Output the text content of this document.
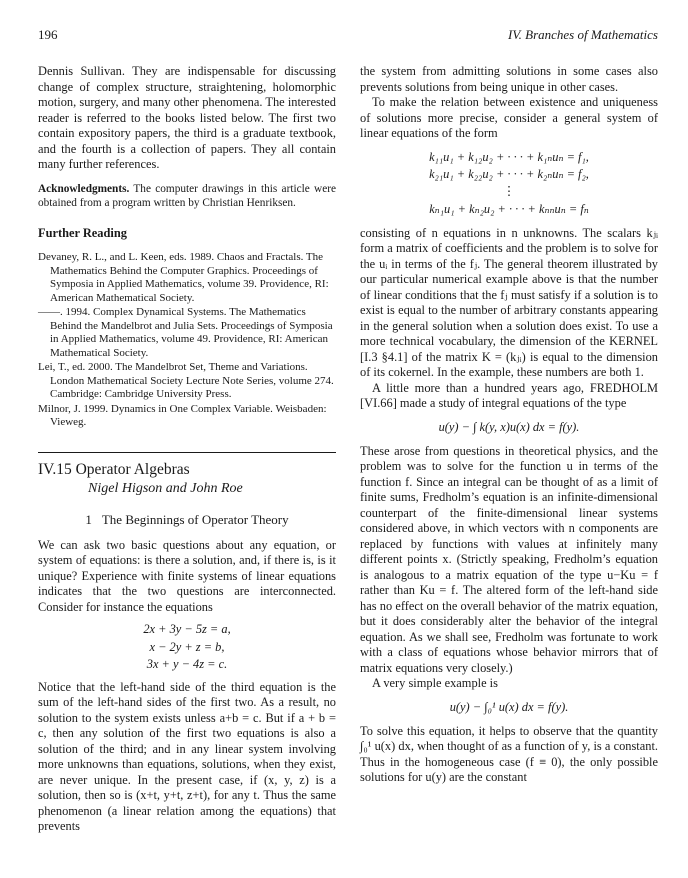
196	IV. Branches of Mathematics

Dennis Sullivan. They are indispensable for discussing change of complex structure, straightening, holomorphic motion, surgery, and many other phenomena. The interested reader is referred to the books listed below. The first two contain expository papers, the third is a graduate textbook, and the fourth is a collection of papers. They all contain many further references.

Acknowledgments. The computer drawings in this article were obtained from a program written by Christian Henriksen.

Further Reading

Devaney, R. L., and L. Keen, eds. 1989. Chaos and Fractals. The Mathematics Behind the Computer Graphics. Proceedings of Symposia in Applied Mathematics, volume 39. Providence, RI: American Mathematical Society.

——. 1994. Complex Dynamical Systems. The Mathematics Behind the Mandelbrot and Julia Sets. Proceedings of Symposia in Applied Mathematics, volume 49. Providence, RI: American Mathematical Society.

Lei, T., ed. 2000. The Mandelbrot Set, Theme and Variations. London Mathematical Society Lecture Note Series, volume 274. Cambridge: Cambridge University Press.

Milnor, J. 1999. Dynamics in One Complex Variable. Weisbaden: Vieweg.

IV.15 Operator Algebras
Nigel Higson and John Roe
1 The Beginnings of Operator Theory

We can ask two basic questions about any equation, or system of equations: is there a solution, and, if there is, is it unique? Experience with finite systems of linear equations indicates that the two questions are interconnected. Consider for instance the equations

2x + 3y − 5z = a,
x − 2y + z = b,
3x + y − 4z = c.

Notice that the left-hand side of the third equation is the sum of the left-hand sides of the first two. As a result, no solution to the system exists unless a+b = c. But if a + b = c, then any solution of the first two equations is also a solution of the third; and in any linear system involving more unknowns than equations, solutions, when they exist, are never unique. In the present case, if (x, y, z) is a solution, then so is (x+t, y+t, z+t), for any t. Thus the same phenomenon (a linear relation among the equations) that prevents

the system from admitting solutions in some cases also prevents solutions from being unique in other cases.

To make the relation between existence and uniqueness of solutions more precise, consider a general system of linear equations of the form

k₁₁u₁ + k₁₂u₂ + · · · + k₁ₙuₙ = f₁,
k₂₁u₁ + k₂₂u₂ + · · · + k₂ₙuₙ = f₂,
⋮
kₙ₁u₁ + kₙ₂u₂ + · · · + kₙₙuₙ = fₙ

consisting of n equations in n unknowns. The scalars kⱼᵢ form a matrix of coefficients and the problem is to solve for the uᵢ in terms of the fⱼ. The general theorem illustrated by our particular numerical example above is that the number of linear conditions that the fⱼ must satisfy if a solution is to exist is equal to the number of arbitrary constants appearing in the general solution when a solution does exist. To use a more technical vocabulary, the dimension of the KERNEL [I.3 §4.1] of the matrix K = (kⱼᵢ) is equal to the dimension of its cokernel. In the example, these numbers are both 1.

A little more than a hundred years ago, FREDHOLM [VI.66] made a study of integral equations of the type

u(y) − ∫ k(y, x)u(x) dx = f(y).

These arose from questions in theoretical physics, and the problem was to solve for the function u in terms of the function f. Since an integral can be thought of as a limit of finite sums, Fredholm’s equation is an infinite-dimensional counterpart of the finite-dimensional linear systems considered above, in which vectors with n components are replaced by functions with values at infinitely many different points x. (Strictly speaking, Fredholm’s equation is analogous to a matrix equation of the type u−Ku = f rather than Ku = f. The altered form of the left-hand side has no effect on the overall behavior of the matrix equation, but it does considerably alter the behavior of the integral equation. As we shall see, Fredholm was fortunate to work with a class of equations whose behavior mirrors that of matrix equations very closely.)

A very simple example is

u(y) − ∫₀¹ u(x) dx = f(y).

To solve this equation, it helps to observe that the quantity ∫₀¹ u(x) dx, when thought of as a function of y, is a constant. Thus in the homogeneous case (f ≡ 0), the only possible solutions for u(y) are the constant
